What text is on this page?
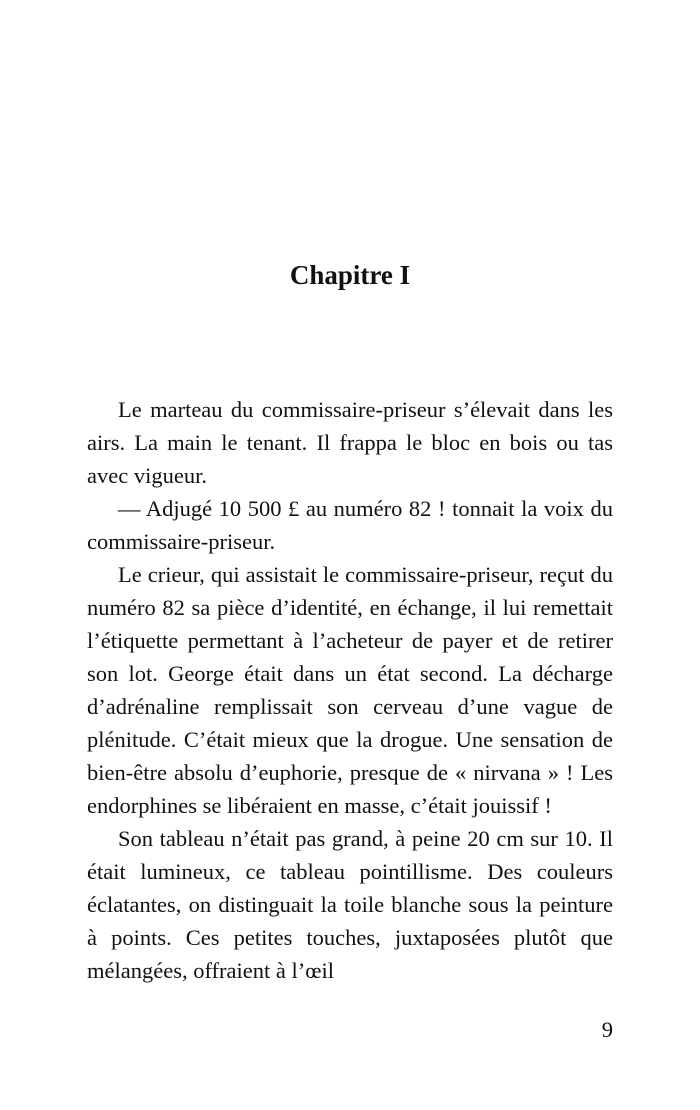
Chapitre I

Le marteau du commissaire-priseur s’élevait dans les airs. La main le tenant. Il frappa le bloc en bois ou tas avec vigueur.

— Adjugé 10 500 £ au numéro 82 ! tonnait la voix du commissaire-priseur.

Le crieur, qui assistait le commissaire-priseur, reçut du numéro 82 sa pièce d’identité, en échange, il lui remettait l’étiquette permettant à l’acheteur de payer et de retirer son lot. George était dans un état second. La décharge d’adrénaline remplissait son cerveau d’une vague de plénitude. C’était mieux que la drogue. Une sensation de bien-être absolu d’euphorie, presque de « nirvana » ! Les endorphines se libéraient en masse, c’était jouissif !

Son tableau n’était pas grand, à peine 20 cm sur 10. Il était lumineux, ce tableau pointillisme. Des couleurs éclatantes, on distinguait la toile blanche sous la peinture à points. Ces petites touches, juxtaposées plutôt que mélangées, offraient à l’œil

9
